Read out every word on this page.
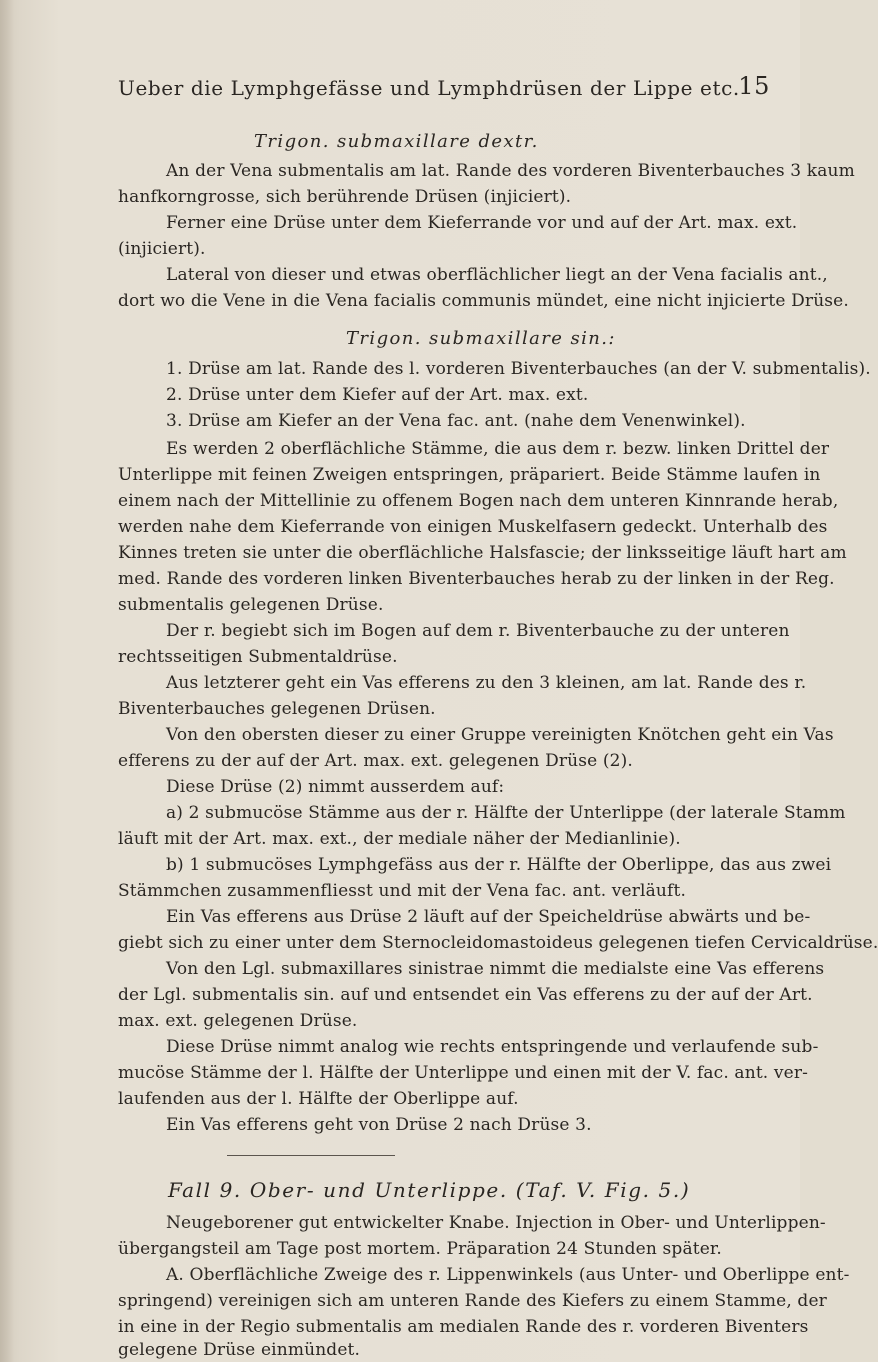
Ueber die Lymphgefässe und Lymphdrüsen der Lippe etc.
15
Trigon. submaxillare dextr.
An der Vena submentalis am lat. Rande des vorderen Biventerbauches 3 kaum
hanfkorngrosse, sich berührende Drüsen (injiciert).
Ferner eine Drüse unter dem Kieferrande vor und auf der Art. max. ext.
(injiciert).
Lateral von dieser und etwas oberflächlicher liegt an der Vena facialis ant.,
dort wo die Vene in die Vena facialis communis mündet, eine nicht injicierte Drüse.
Trigon. submaxillare sin.:
1. Drüse am lat. Rande des l. vorderen Biventerbauches (an der V. submentalis).
2. Drüse unter dem Kiefer auf der Art. max. ext.
3. Drüse am Kiefer an der Vena fac. ant. (nahe dem Venenwinkel).
Es werden 2 oberflächliche Stämme, die aus dem r. bezw. linken Drittel der
Unterlippe mit feinen Zweigen entspringen, präpariert. Beide Stämme laufen in
einem nach der Mittellinie zu offenem Bogen nach dem unteren Kinnrande herab,
werden nahe dem Kieferrande von einigen Muskelfasern gedeckt. Unterhalb des
Kinnes treten sie unter die oberflächliche Halsfascie; der linksseitige läuft hart am
med. Rande des vorderen linken Biventerbauches herab zu der linken in der Reg.
submentalis gelegenen Drüse.
Der r. begiebt sich im Bogen auf dem r. Biventerbauche zu der unteren
rechtsseitigen Submentaldrüse.
Aus letzterer geht ein Vas efferens zu den 3 kleinen, am lat. Rande des r.
Biventerbauches gelegenen Drüsen.
Von den obersten dieser zu einer Gruppe vereinigten Knötchen geht ein Vas
efferens zu der auf der Art. max. ext. gelegenen Drüse (2).
Diese Drüse (2) nimmt ausserdem auf:
a) 2 submucöse Stämme aus der r. Hälfte der Unterlippe (der laterale Stamm
läuft mit der Art. max. ext., der mediale näher der Medianlinie).
b) 1 submucöses Lymphgefäss aus der r. Hälfte der Oberlippe, das aus zwei
Stämmchen zusammenfliesst und mit der Vena fac. ant. verläuft.
Ein Vas efferens aus Drüse 2 läuft auf der Speicheldrüse abwärts und be-
giebt sich zu einer unter dem Sternocleidomastoideus gelegenen tiefen Cervicaldrüse.
Von den Lgl. submaxillares sinistrae nimmt die medialste eine Vas efferens
der Lgl. submentalis sin. auf und entsendet ein Vas efferens zu der auf der Art.
max. ext. gelegenen Drüse.
Diese Drüse nimmt analog wie rechts entspringende und verlaufende sub-
mucöse Stämme der l. Hälfte der Unterlippe und einen mit der V. fac. ant. ver-
laufenden aus der l. Hälfte der Oberlippe auf.
Ein Vas efferens geht von Drüse 2 nach Drüse 3.
Fall 9. Ober- und Unterlippe. (Taf. V. Fig. 5.)
Neugeborener gut entwickelter Knabe. Injection in Ober- und Unterlippen-
übergangsteil am Tage post mortem. Präparation 24 Stunden später.
A. Oberflächliche Zweige des r. Lippenwinkels (aus Unter- und Oberlippe ent-
springend) vereinigen sich am unteren Rande des Kiefers zu einem Stamme, der
in eine in der Regio submentalis am medialen Rande des r. vorderen Biventers
gelegene Drüse einmündet.
